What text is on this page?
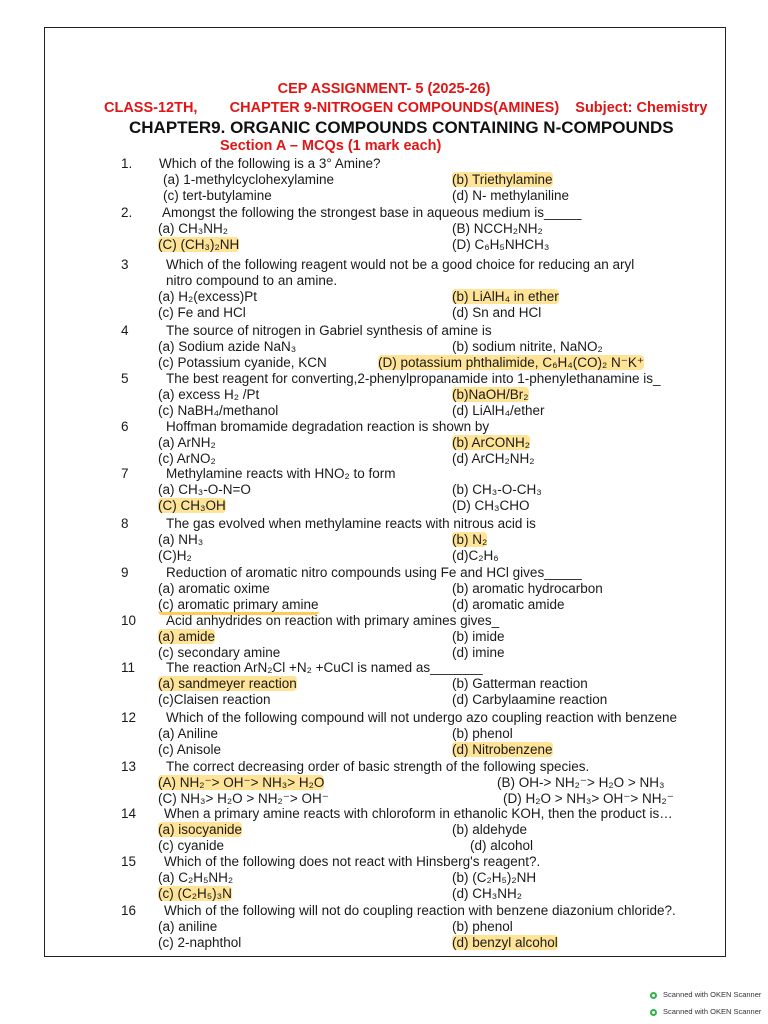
CEP ASSIGNMENT- 5 (2025-26)
CLASS-12TH,        CHAPTER 9-NITROGEN COMPOUNDS(AMINES)    Subject: Chemistry
CHAPTER9. ORGANIC COMPOUNDS CONTAINING N-COMPOUNDS
Section A – MCQs (1 mark each)
1. Which of the following is a 3° Amine?
(a) 1-methylcyclohexylamine	(b) Triethylamine
(c) tert-butylamine	(d) N- methylaniline
2. Amongst the following the strongest base in aqueous medium is_____
(a) CH₃NH₂	(B) NCCH₂NH₂
(C) (CH₃)₂NH	(D) C₆H₅NHCH₃
3	Which of the following reagent would not be a good choice for reducing an aryl
nitro compound to an amine.
(a) H₂(excess)Pt	(b) LiAlH₄ in ether
(c) Fe and HCl	(d) Sn and HCl
4	The source of nitrogen in Gabriel synthesis of amine is
(a) Sodium azide NaN₃	(b) sodium nitrite, NaNO₂
(c) Potassium cyanide, KCN	(D) potassium phthalimide, C₆H₄(CO)₂ N⁻K⁺
5	The best reagent for converting,2-phenylpropanamide into 1-phenylethanamine is_
(a) excess H₂ /Pt	(b)NaOH/Br₂
(c) NaBH₄/methanol	(d) LiAlH₄/ether
6	Hoffman bromamide degradation reaction is shown by
(a) ArNH₂	(b) ArCONH₂
(c) ArNO₂	(d) ArCH₂NH₂
7	Methylamine reacts with HNO₂ to form
(a) CH₃-O-N=O	(b) CH₃-O-CH₃
(C) CH₃OH	(D) CH₃CHO
8	The gas evolved when methylamine reacts with nitrous acid is
(a) NH₃	(b) N₂
(C)H₂	(d)C₂H₆
9	Reduction of aromatic nitro compounds using Fe and HCl gives_____
(a) aromatic oxime	(b) aromatic hydrocarbon
(c) aromatic primary amine	(d) aromatic amide
10 Acid anhydrides on reaction with primary amines gives_
(a) amide	(b) imide
(c) secondary amine	(d) imine
11 The reaction ArN₂Cl +N₂ +CuCl is named as_______
(a) sandmeyer reaction	(b) Gatterman reaction
(c)Claisen reaction	(d) Carbylaamine reaction
12 Which of the following compound will not undergo azo coupling reaction with benzene
(a) Aniline	(b) phenol
(c) Anisole	(d) Nitrobenzene
13 The correct decreasing order of basic strength of the following species.
(A) NH₂⁻> OH⁻> NH₃> H₂O	(B) OH-> NH₂⁻> H₂O > NH₃
(C) NH₃> H₂O > NH₂⁻> OH⁻	(D) H₂O > NH₃> OH⁻> NH₂⁻
14 When a primary amine reacts with chloroform in ethanolic KOH, then the product is…
(a) isocyanide	(b) aldehyde
(c) cyanide	(d) alcohol
15 Which of the following does not react with Hinsberg's reagent?.
(a) C₂H₅NH₂	(b) (C₂H₅)₂NH
(c) (C₂H₅)₃N	(d) CH₃NH₂
16 Which of the following will not do coupling reaction with benzene diazonium chloride?.
(a) aniline	(b) phenol
(c) 2-naphthol	(d) benzyl alcohol
Scanned with OKEN Scanner
Scanned with OKEN Scanner
